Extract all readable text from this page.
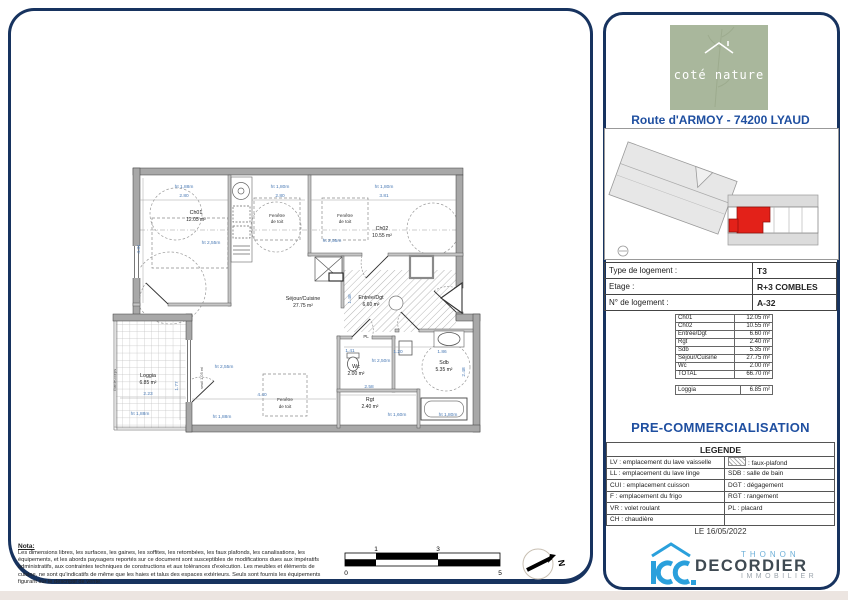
Ch01
12.05 m²
Ch02
10.55 m²
Séjour/Cuisine
27.75 m²
Entrée/Dgt
6.60 m²
Wc
2.00 m²
Rgt
2.40 m²
Sdb
5.35 m²
Loggia
6.85 m²
Fenêtre
de toit
Fenêtre
de toit
Fenêtre
de toit
ht 1,88m
2.80
ht 1,80m
2.80
ht 1,80m
3.81
4.31
ht 2,55m	ht 2,55m
ht 2,55m
4.40
1.41	1.20	1.86
2.48
2.58
ht 2,50m
ht 1,60m	ht 1,80m
ht 1,88m
ht 1,88m
2.23
1.77	seuil 1,05 ml
Garde-corps
PL
1.48
0
1	3
5
N
Nota:
Les dimensions libres, les surfaces, les gaines, les soffites, les retombées, les faux plafonds, les canalisations, les équipements, et les abords paysagers reportés sur ce document sont susceptibles de modifications dues aux impératifs administratifs, aux contraintes techniques de constructions et aux tolérances d'exécution. Les meubles et éléments de cuisine, ne sont qu'indicatifs de même que les haies et talus des espaces extérieurs. Seuls sont fournis les équipements figurant sur le descriptif de vente.
coté nature
Route d'ARMOY - 74200 LYAUD
Type de logement :	T3
Etage :	R+3 COMBLES
N° de logement :	A-32
Ch01	12.05 m²
Ch02	10.55 m²
Entrée/Dgt	6.60 m²
Rgt	2.40 m²
Sdb	5.35 m²
Séjour/Cuisine	27.75 m²
Wc	2.00 m²
TOTAL	66.70 m²
Loggia	6.85 m²
PRE-COMMERCIALISATION
LEGENDE	
LV : emplacement du lave vaisselle	: faux-plafond
LL : emplacement du lave linge	SDB : salle de bain
CUI : emplacement cuisson	DGT : dégagement
F : emplacement du frigo	RGT : rangement
VR : volet roulant	PL : placard
CH : chaudière	
LE 16/05/2022
THONON
DECORDIER
IMMOBILIER
